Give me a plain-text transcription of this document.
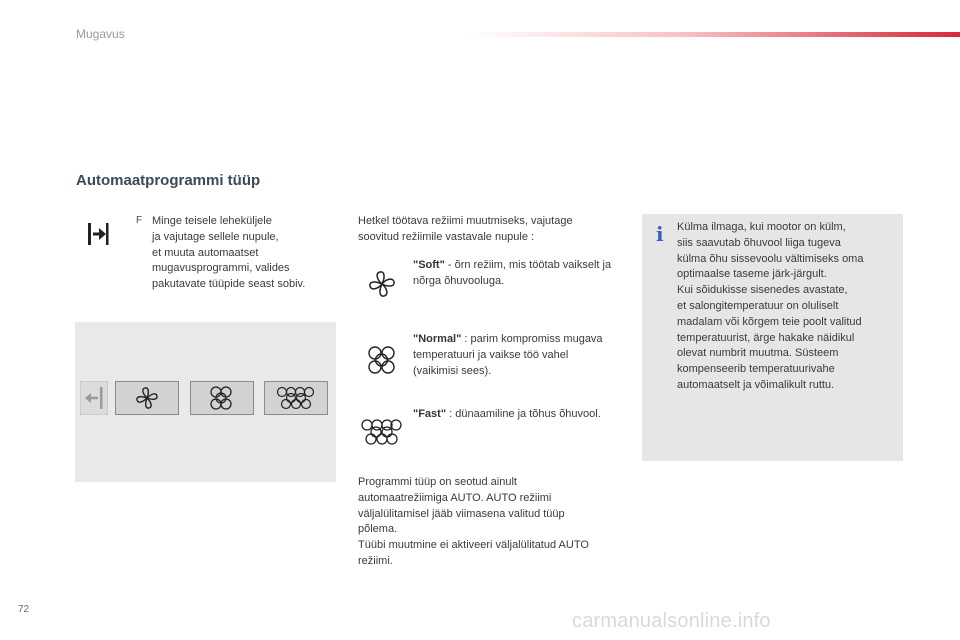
Mugavus
Automaatprogrammi tüüp
F Minge teisele leheküljele
ja vajutage sellele nupule,
et muuta automaatset
mugavusprogrammi, valides
pakutavate tüüpide seast sobiv.
Hetkel töötava režiimi muutmiseks, vajutage soovitud režiimile vastavale nupule :
"Soft" - õrn režiim, mis töötab vaikselt ja nõrga õhuvooluga.
"Normal" : parim kompromiss mugava temperatuuri ja vaikse töö vahel (vaikimisi sees).
"Fast" : dünaamiline ja tõhus õhuvool.
Programmi tüüp on seotud ainult
automaatrežiimiga AUTO. AUTO režiimi
väljalülitamisel jääb viimasena valitud tüüp
põlema.
Tüübi muutmine ei aktiveeri väljalülitatud AUTO
režiimi.
i Külma ilmaga, kui mootor on külm,
siis saavutab õhuvool liiga tugeva
külma õhu sissevoolu vältimiseks oma
optimaalse taseme järk-järgult.
Kui sõidukisse sisenedes avastate,
et salongitemperatuur on oluliselt
madalam või kõrgem teie poolt valitud
temperatuurist, ärge hakake näidikul
olevat numbrit muutma. Süsteem
kompenseerib temperatuurivahe
automaatselt ja võimalikult ruttu.
72
carmanualsonline.info
